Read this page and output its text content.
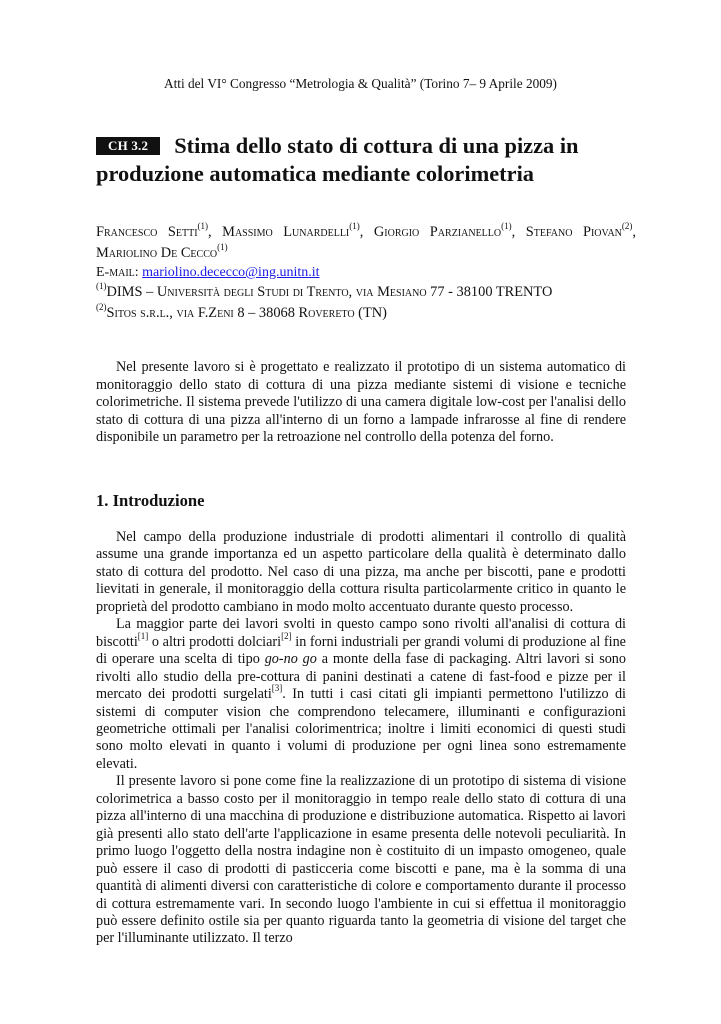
Atti del VI° Congresso “Metrologia & Qualità” (Torino 7– 9 Aprile 2009)
CH 3.2 Stima dello stato di cottura di una pizza in produzione automatica mediante colorimetria
Francesco Setti$^{(1)}$, Massimo Lunardelli$^{(1)}$, Giorgio Parzianello$^{(1)}$, Stefano Piovan$^{(2)}$, Mariolino De Cecco$^{(1)}$
E-mail: mariolino.dececco@ing.unitn.it
$^{(1)}$DIMS – Università degli Studi di Trento, via Mesiano 77 - 38100 TRENTO
$^{(2)}$Sitos s.r.l., via F.Zeni 8 – 38068 Rovereto (TN)
Nel presente lavoro si è progettato e realizzato il prototipo di un sistema automatico di monitoraggio dello stato di cottura di una pizza mediante sistemi di visione e tecniche colorimetriche. Il sistema prevede l'utilizzo di una camera digitale low-cost per l'analisi dello stato di cottura di una pizza all'interno di un forno a lampade infrarosse al fine di rendere disponibile un parametro per la retroazione nel controllo della potenza del forno.
1. Introduzione

Nel campo della produzione industriale di prodotti alimentari il controllo di qualità assume una grande importanza ed un aspetto particolare della qualità è determinato dallo stato di cottura del prodotto. Nel caso di una pizza, ma anche per biscotti, pane e prodotti lievitati in generale, il monitoraggio della cottura risulta particolarmente critico in quanto le proprietà del prodotto cambiano in modo molto accentuato durante questo processo.

La maggior parte dei lavori svolti in questo campo sono rivolti all'analisi di cottura di biscotti[1] o altri prodotti dolciari[2] in forni industriali per grandi volumi di produzione al fine di operare una scelta di tipo go-no go a monte della fase di packaging. Altri lavori si sono rivolti allo studio della pre-cottura di panini destinati a catene di fast-food e pizze per il mercato dei prodotti surgelati[3]. In tutti i casi citati gli impianti permettono l'utilizzo di sistemi di computer vision che comprendono telecamere, illuminanti e configurazioni geometriche ottimali per l'analisi colorimentrica; inoltre i limiti economici di questi studi sono molto elevati in quanto i volumi di produzione per ogni linea sono estremamente elevati.

Il presente lavoro si pone come fine la realizzazione di un prototipo di sistema di visione colorimetrica a basso costo per il monitoraggio in tempo reale dello stato di cottura di una pizza all'interno di una macchina di produzione e distribuzione automatica. Rispetto ai lavori già presenti allo stato dell'arte l'applicazione in esame presenta delle notevoli peculiarità. In primo luogo l'oggetto della nostra indagine non è costituito di un impasto omogeneo, quale può essere il caso di prodotti di pasticceria come biscotti e pane, ma è la somma di una quantità di alimenti diversi con caratteristiche di colore e comportamento durante il processo di cottura estremamente vari. In secondo luogo l'ambiente in cui si effettua il monitoraggio può essere definito ostile sia per quanto riguarda tanto la geometria di visione del target che per l'illuminante utilizzato. Il terzo
